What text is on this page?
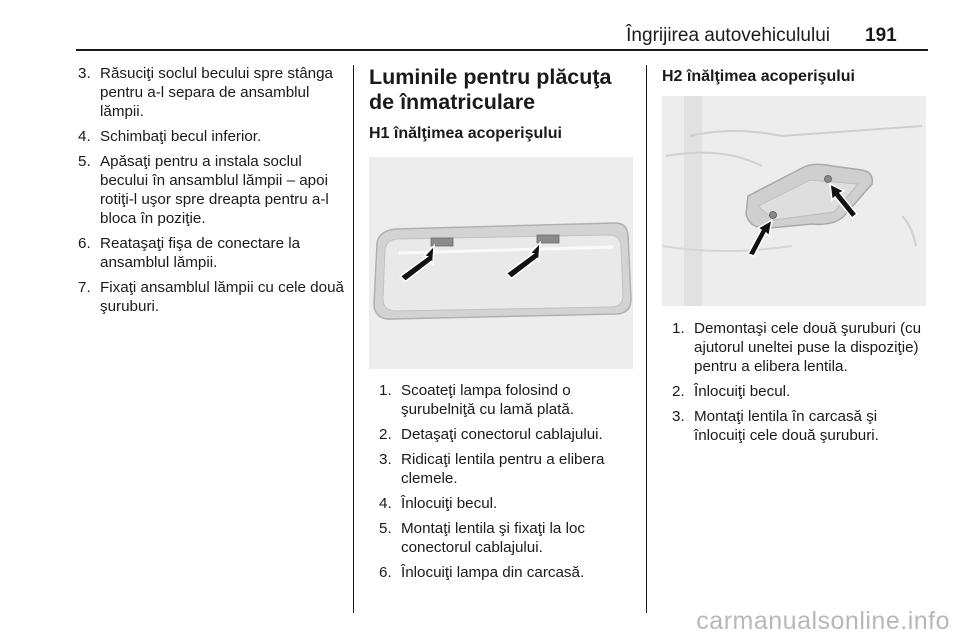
Îngrijirea autovehiculului 191
3. Răsuciţi soclul becului spre stânga pentru a-l separa de ansamblul lămpii.
4. Schimbaţi becul inferior.
5. Apăsaţi pentru a instala soclul becului în ansamblul lămpii – apoi rotiţi-l uşor spre dreapta pentru a-l bloca în poziţie.
6. Reataşaţi fişa de conectare la ansamblul lămpii.
7. Fixaţi ansamblul lămpii cu cele două şuruburi.
Luminile pentru plăcuţa de înmatriculare
H1 înălţimea acoperişului
1. Scoateţi lampa folosind o şurubelniţă cu lamă plată.
2. Detaşaţi conectorul cablajului.
3. Ridicaţi lentila pentru a elibera clemele.
4. Înlocuiţi becul.
5. Montaţi lentila şi fixaţi la loc conectorul cablajului.
6. Înlocuiţi lampa din carcasă.
H2 înălţimea acoperişului
1. Demontaşi cele două şuruburi (cu ajutorul uneltei puse la dispoziţie) pentru a elibera lentila.
2. Înlocuiţi becul.
3. Montaţi lentila în carcasă şi înlocuiţi cele două şuruburi.
carmanualsonline.info
